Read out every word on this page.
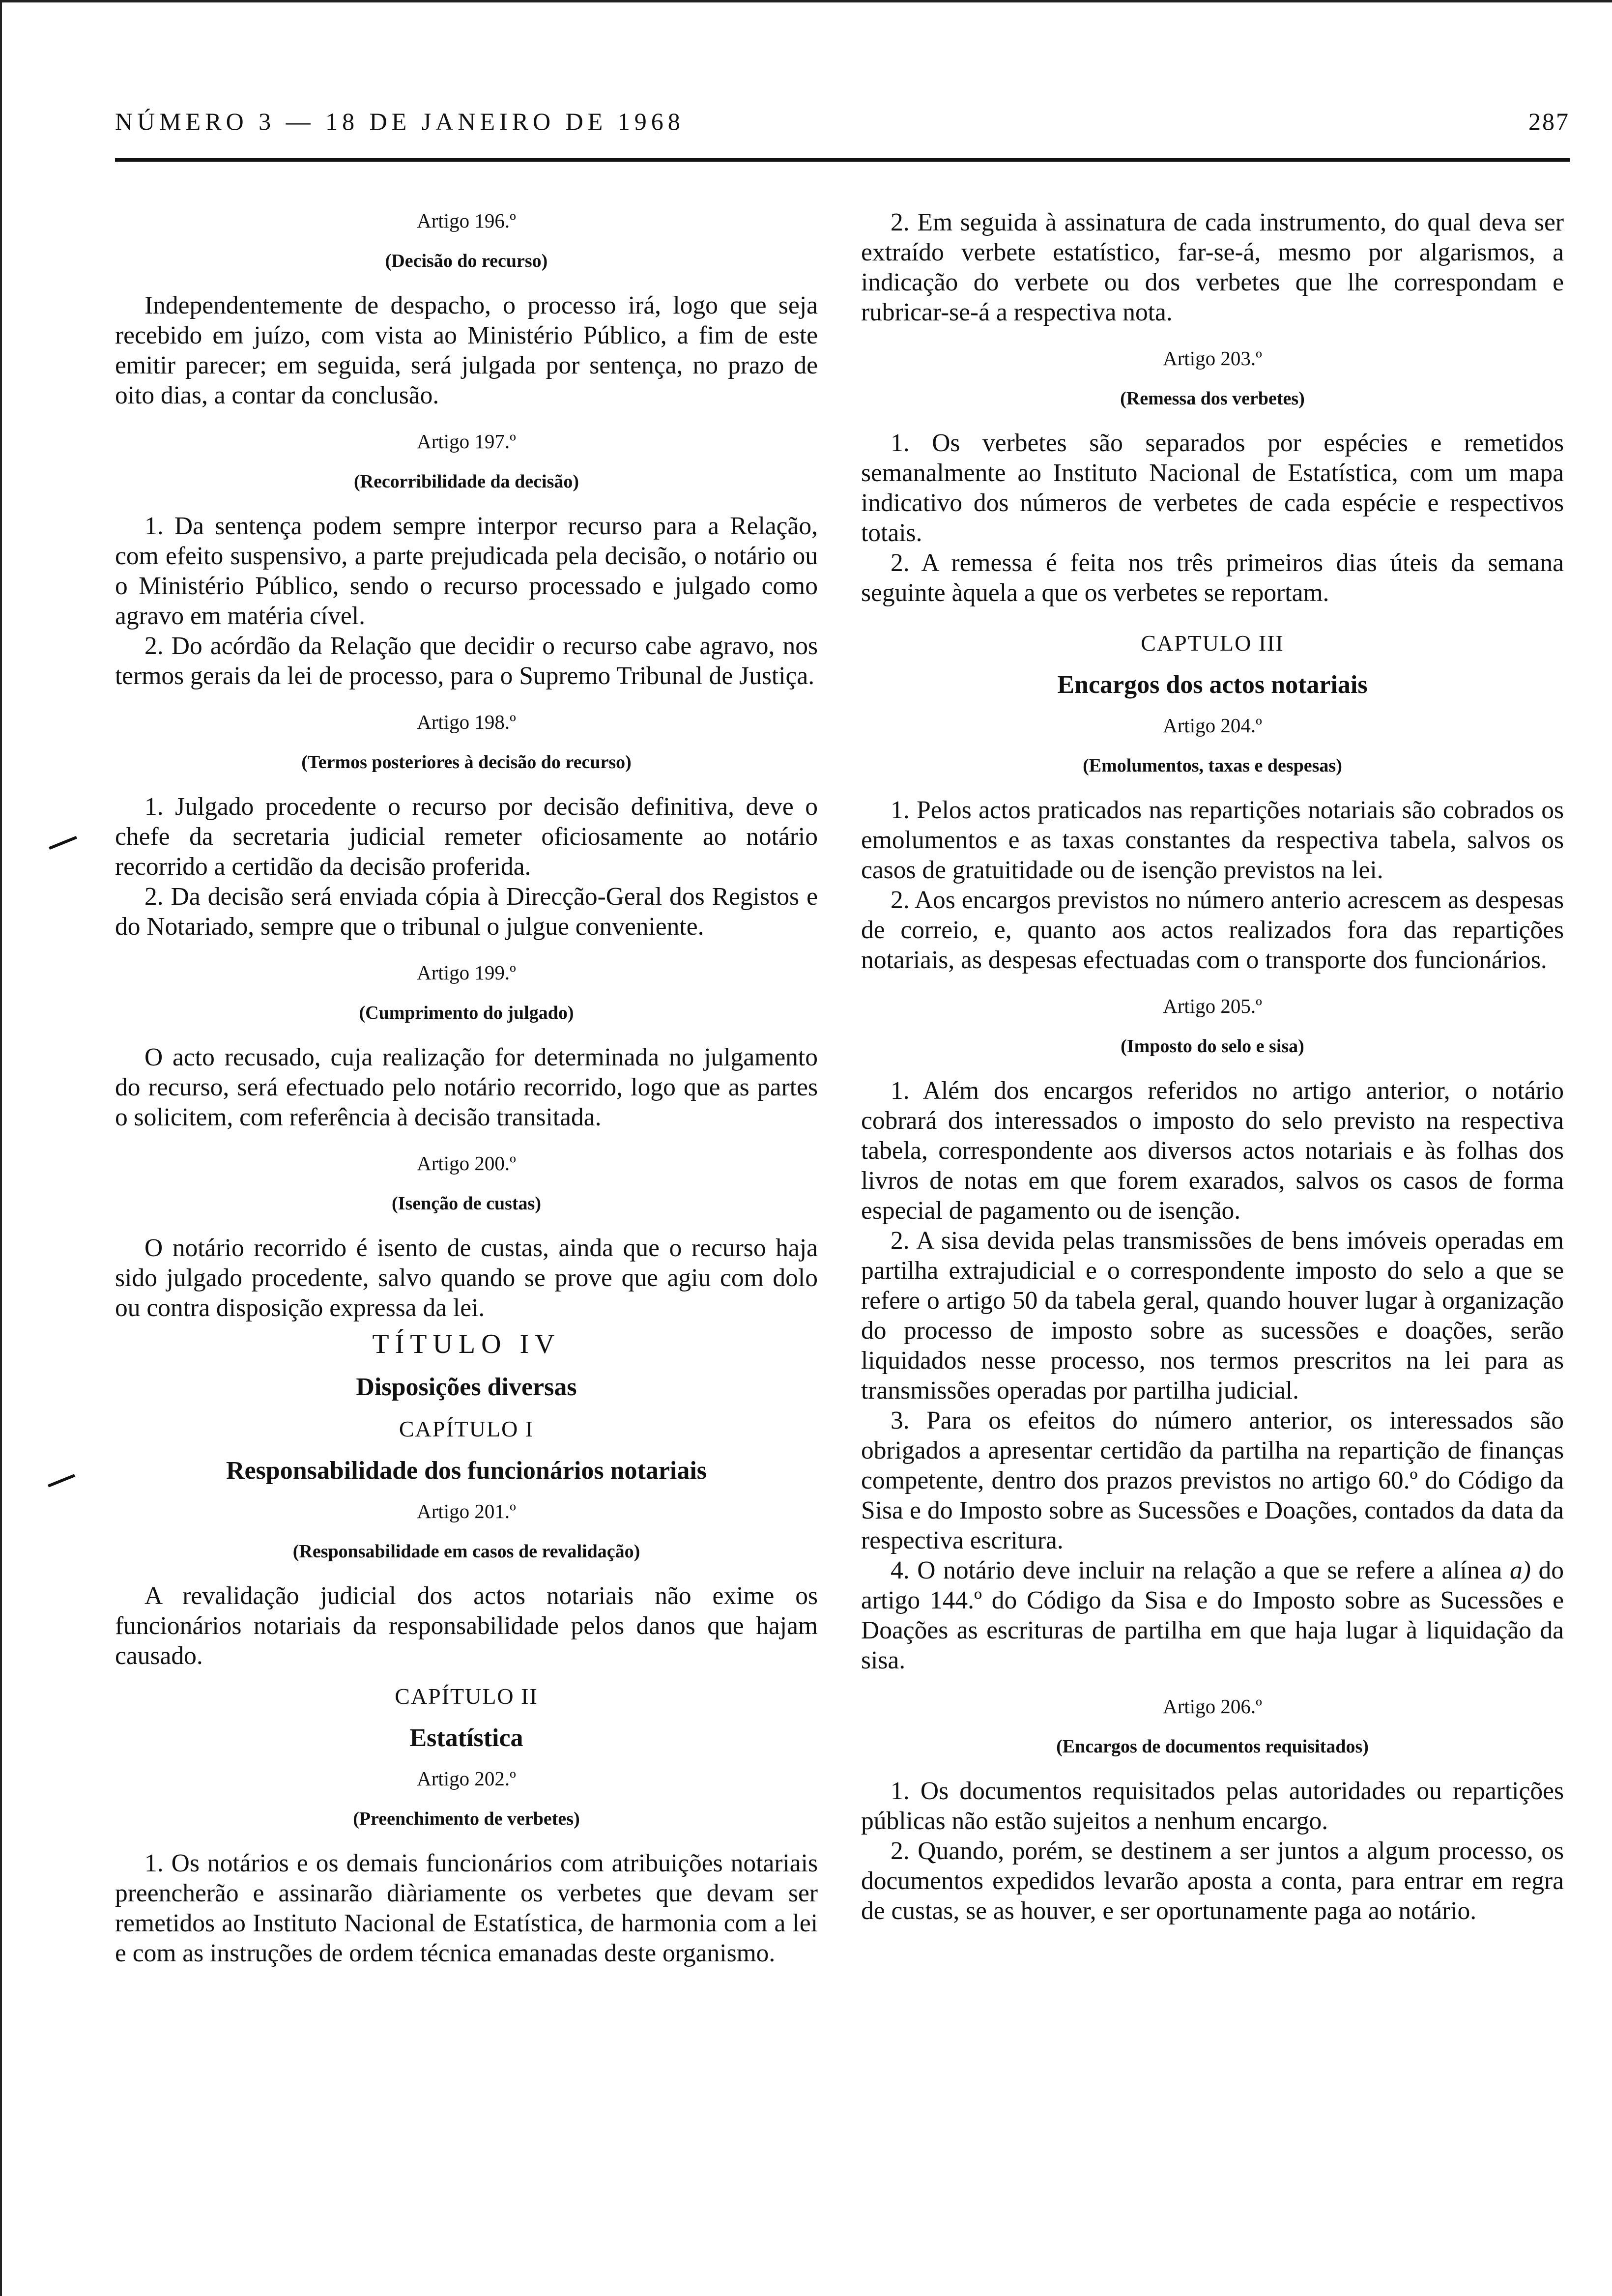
NÚMERO 3 — 18 DE JANEIRO DE 1968	287
Artigo 196.º
(Decisão do recurso)

Independentemente de despacho, o processo irá, logo que seja recebido em juízo, com vista ao Ministério Público, a fim de este emitir parecer; em seguida, será julgada por sentença, no prazo de oito dias, a contar da conclusão.

Artigo 197.º
(Recorribilidade da decisão)

1. Da sentença podem sempre interpor recurso para a Relação, com efeito suspensivo, a parte prejudicada pela decisão, o notário ou o Ministério Público, sendo o recurso processado e julgado como agravo em matéria cível.

2. Do acórdão da Relação que decidir o recurso cabe agravo, nos termos gerais da lei de processo, para o Supremo Tribunal de Justiça.

Artigo 198.º
(Termos posteriores à decisão do recurso)

1. Julgado procedente o recurso por decisão definitiva, deve o chefe da secretaria judicial remeter oficiosamente ao notário recorrido a certidão da decisão proferida.

2. Da decisão será enviada cópia à Direcção-Geral dos Registos e do Notariado, sempre que o tribunal o julgue conveniente.

Artigo 199.º
(Cumprimento do julgado)

O acto recusado, cuja realização for determinada no julgamento do recurso, será efectuado pelo notário recorrido, logo que as partes o solicitem, com referência à decisão transitada.

Artigo 200.º
(Isenção de custas)

O notário recorrido é isento de custas, ainda que o recurso haja sido julgado procedente, salvo quando se prove que agiu com dolo ou contra disposição expressa da lei.

TÍTULO IV
Disposições diversas
CAPÍTULO I
Responsabilidade dos funcionários notariais
Artigo 201.º
(Responsabilidade em casos de revalidação)

A revalidação judicial dos actos notariais não exime os funcionários notariais da responsabilidade pelos danos que hajam causado.

CAPÍTULO II
Estatística
Artigo 202.º
(Preenchimento de verbetes)

1. Os notários e os demais funcionários com atribuições notariais preencherão e assinarão diàriamente os verbetes que devam ser remetidos ao Instituto Nacional de Estatística, de harmonia com a lei e com as instruções de ordem técnica emanadas deste organismo.

2. Em seguida à assinatura de cada instrumento, do qual deva ser extraído verbete estatístico, far-se-á, mesmo por algarismos, a indicação do verbete ou dos verbetes que lhe correspondam e rubricar-se-á a respectiva nota.

Artigo 203.º
(Remessa dos verbetes)

1. Os verbetes são separados por espécies e remetidos semanalmente ao Instituto Nacional de Estatística, com um mapa indicativo dos números de verbetes de cada espécie e respectivos totais.

2. A remessa é feita nos três primeiros dias úteis da semana seguinte àquela a que os verbetes se reportam.

CAPTULO III
Encargos dos actos notariais
Artigo 204.º
(Emolumentos, taxas e despesas)

1. Pelos actos praticados nas repartições notariais são cobrados os emolumentos e as taxas constantes da respectiva tabela, salvos os casos de gratuitidade ou de isenção previstos na lei.

2. Aos encargos previstos no número anterio acrescem as despesas de correio, e, quanto aos actos realizados fora das repartições notariais, as despesas efectuadas com o transporte dos funcionários.

Artigo 205.º
(Imposto do selo e sisa)

1. Além dos encargos referidos no artigo anterior, o notário cobrará dos interessados o imposto do selo previsto na respectiva tabela, correspondente aos diversos actos notariais e às folhas dos livros de notas em que forem exarados, salvos os casos de forma especial de pagamento ou de isenção.

2. A sisa devida pelas transmissões de bens imóveis operadas em partilha extrajudicial e o correspondente imposto do selo a que se refere o artigo 50 da tabela geral, quando houver lugar à organização do processo de imposto sobre as sucessões e doações, serão liquidados nesse processo, nos termos prescritos na lei para as transmissões operadas por partilha judicial.

3. Para os efeitos do número anterior, os interessados são obrigados a apresentar certidão da partilha na repartição de finanças competente, dentro dos prazos previstos no artigo 60.º do Código da Sisa e do Imposto sobre as Sucessões e Doações, contados da data da respectiva escritura.

4. O notário deve incluir na relação a que se refere a alínea a) do artigo 144.º do Código da Sisa e do Imposto sobre as Sucessões e Doações as escrituras de partilha em que haja lugar à liquidação da sisa.

Artigo 206.º
(Encargos de documentos requisitados)

1. Os documentos requisitados pelas autoridades ou repartições públicas não estão sujeitos a nenhum encargo.

2. Quando, porém, se destinem a ser juntos a algum processo, os documentos expedidos levarão aposta a conta, para entrar em regra de custas, se as houver, e ser oportunamente paga ao notário.
